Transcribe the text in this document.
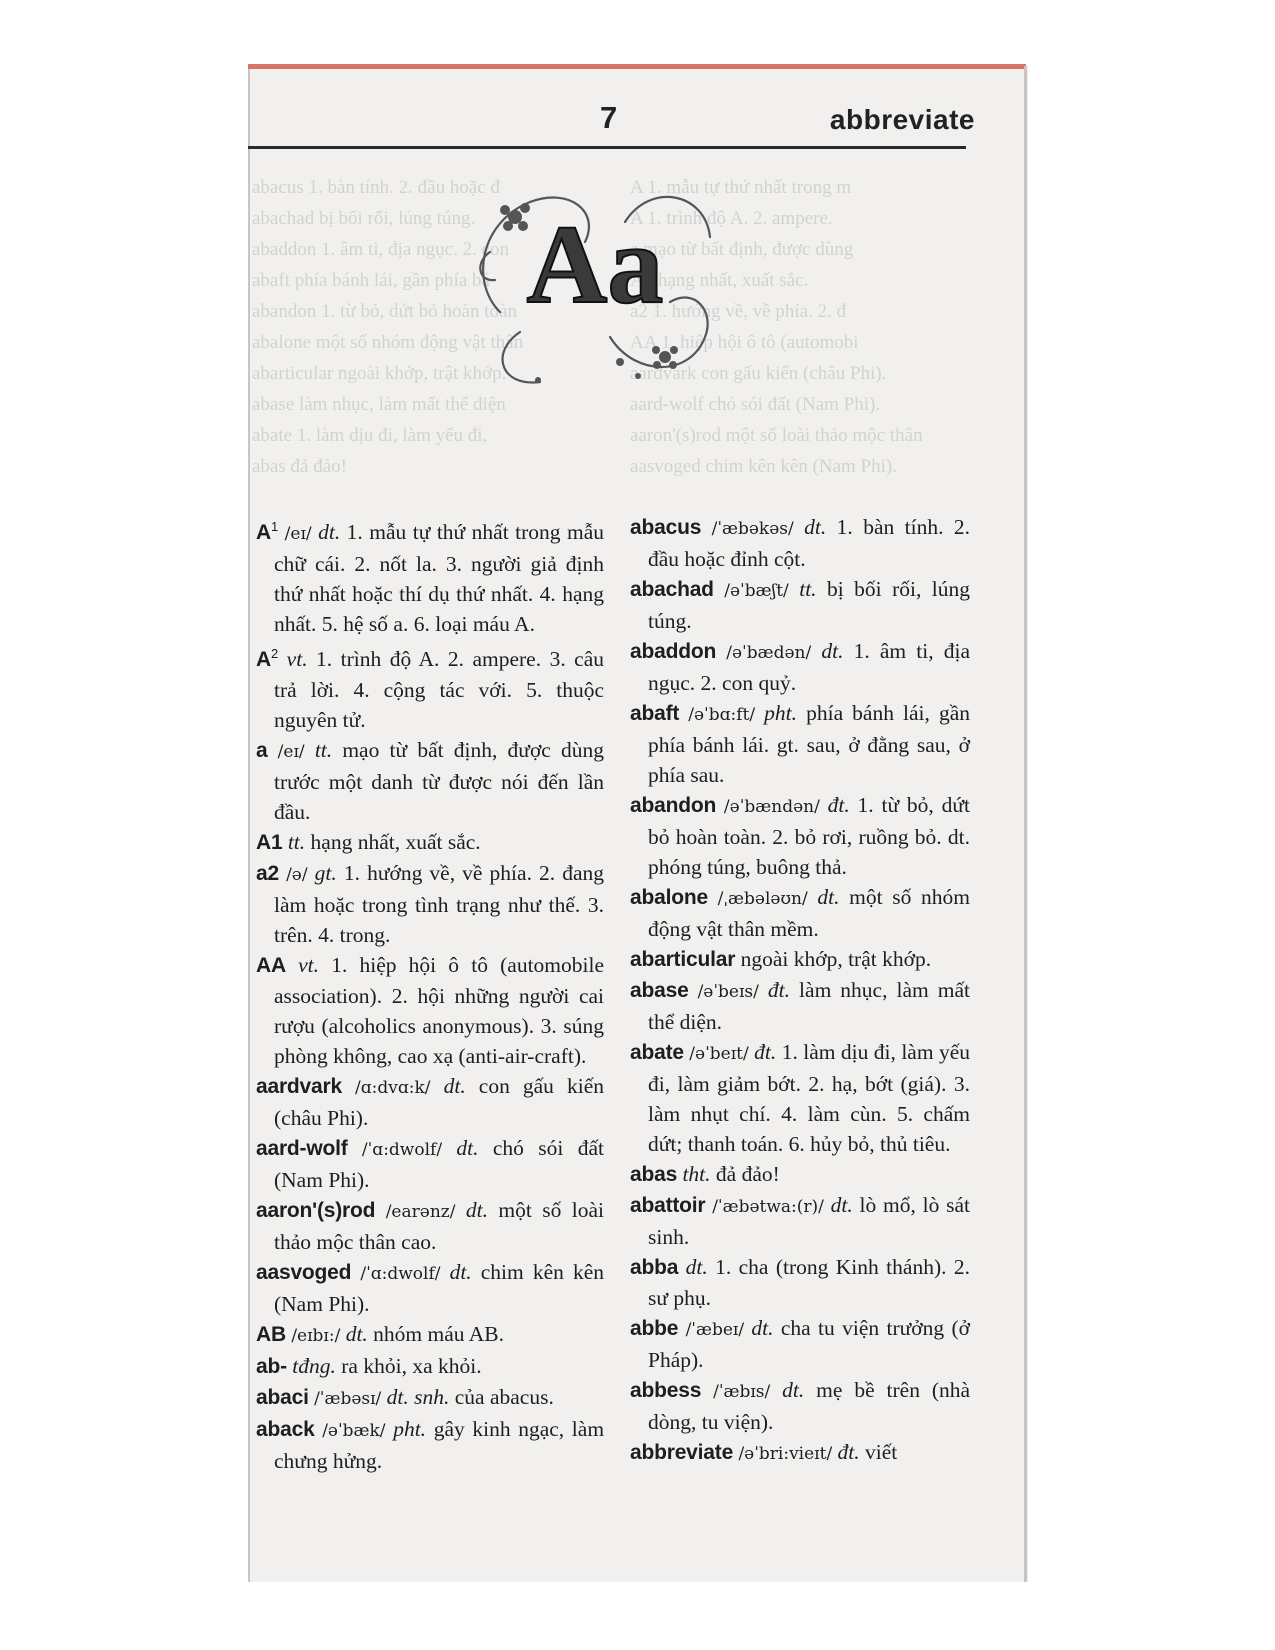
7	abbreviate
Aa

$A^1$ /eɪ/ dt. 1. mẫu tự thứ nhất trong mẫu chữ cái. 2. nốt la. 3. người giả định thứ nhất hoặc thí dụ thứ nhất. 4. hạng nhất. 5. hệ số a. 6. loại máu A.

$A^2$ vt. 1. trình độ A. 2. ampere. 3. câu trả lời. 4. cộng tác với. 5. thuộc nguyên tử.

a /eɪ/ tt. mạo từ bất định, được dùng trước một danh từ được nói đến lần đầu.

A1 tt. hạng nhất, xuất sắc.

a2 /ə/ gt. 1. hướng về, về phía. 2. đang làm hoặc trong tình trạng như thế. 3. trên. 4. trong.

AA vt. 1. hiệp hội ô tô (automobile association). 2. hội những người cai rượu (alcoholics anonymous). 3. súng phòng không, cao xạ (anti-air-craft).

aardvark /ɑ:dvɑ:k/ dt. con gấu kiến (châu Phi).

aard-wolf /ˈɑ:dwolf/ dt. chó sói đất (Nam Phi).

aaron'(s)rod /earənz/ dt. một số loài thảo mộc thân cao.

aasvoged /ˈɑ:dwolf/ dt. chim kên kên (Nam Phi).

AB /eɪbɪ:/ dt. nhóm máu AB.

ab- tđng. ra khỏi, xa khỏi.

abaci /ˈæbəsɪ/ dt. snh. của abacus.

aback /əˈbæk/ pht. gây kinh ngạc, làm chưng hửng.

abacus /ˈæbəkəs/ dt. 1. bàn tính. 2. đầu hoặc đỉnh cột.

abachad /əˈbæʃt/ tt. bị bối rối, lúng túng.

abaddon /əˈbædən/ dt. 1. âm ti, địa ngục. 2. con quỷ.

abaft /əˈbɑ:ft/ pht. phía bánh lái, gần phía bánh lái. gt. sau, ở đằng sau, ở phía sau.

abandon /əˈbændən/ đt. 1. từ bỏ, dứt bỏ hoàn toàn. 2. bỏ rơi, ruồng bỏ. dt. phóng túng, buông thả.

abalone /ˌæbələʊn/ dt. một số nhóm động vật thân mềm.

abarticular ngoài khớp, trật khớp.

abase /əˈbeɪs/ đt. làm nhục, làm mất thể diện.

abate /əˈbeɪt/ đt. 1. làm dịu đi, làm yếu đi, làm giảm bớt. 2. hạ, bớt (giá). 3. làm nhụt chí. 4. làm cùn. 5. chấm dứt; thanh toán. 6. hủy bỏ, thủ tiêu.

abas tht. đả đảo!

abattoir /ˈæbətwa:(r)/ dt. lò mổ, lò sát sinh.

abba dt. 1. cha (trong Kinh thánh). 2. sư phụ.

abbe /ˈæbeɪ/ dt. cha tu viện trưởng (ở Pháp).

abbess /ˈæbɪs/ dt. mẹ bề trên (nhà dòng, tu viện).

abbreviate /əˈbri:vieɪt/ đt. viết
